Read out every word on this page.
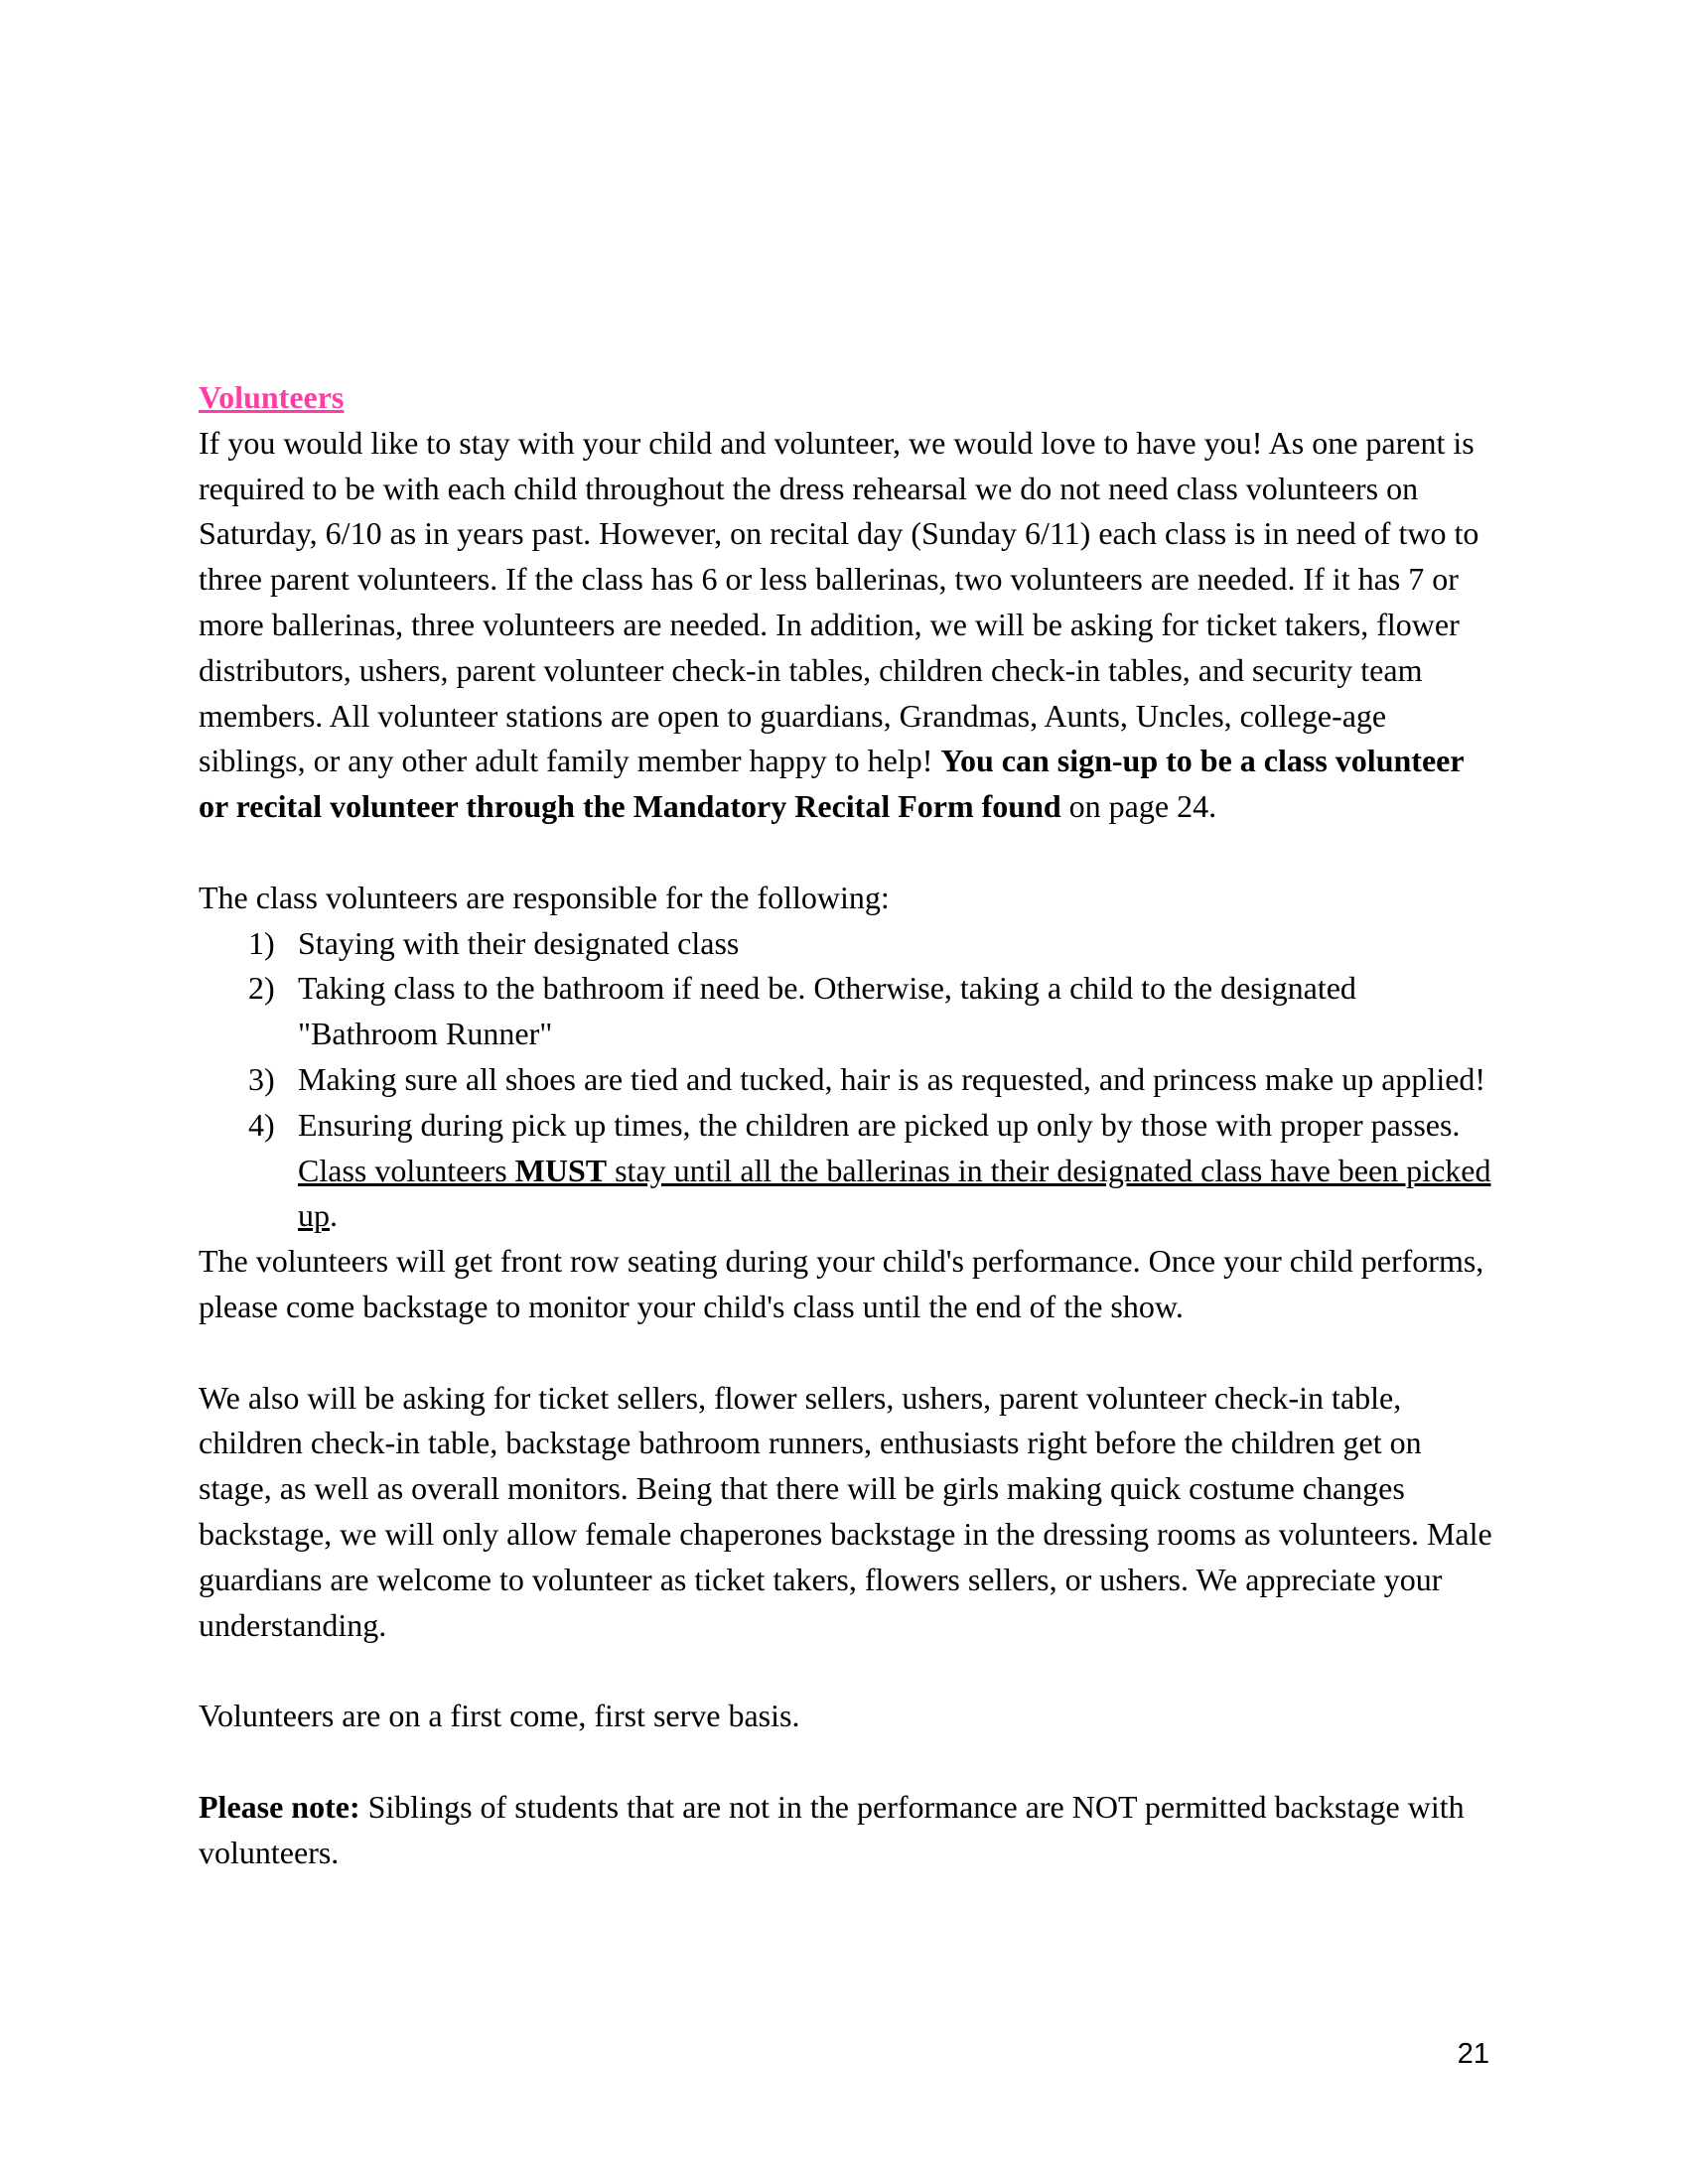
Volunteers

If you would like to stay with your child and volunteer, we would love to have you! As one parent is required to be with each child throughout the dress rehearsal we do not need class volunteers on Saturday, 6/10 as in years past. However, on recital day (Sunday 6/11) each class is in need of two to three parent volunteers. If the class has 6 or less ballerinas, two volunteers are needed. If it has 7 or more ballerinas, three volunteers are needed. In addition, we will be asking for ticket takers, flower distributors, ushers, parent volunteer check-in tables, children check-in tables, and security team members. All volunteer stations are open to guardians, Grandmas, Aunts, Uncles, college-age siblings, or any other adult family member happy to help! You can sign-up to be a class volunteer or recital volunteer through the Mandatory Recital Form found on page 24.

The class volunteers are responsible for the following:

1) Staying with their designated class
2) Taking class to the bathroom if need be. Otherwise, taking a child to the designated "Bathroom Runner"
3) Making sure all shoes are tied and tucked, hair is as requested, and princess make up applied!
4) Ensuring during pick up times, the children are picked up only by those with proper passes. Class volunteers MUST stay until all the ballerinas in their designated class have been picked up.

The volunteers will get front row seating during your child's performance. Once your child performs, please come backstage to monitor your child's class until the end of the show.

We also will be asking for ticket sellers, flower sellers, ushers, parent volunteer check-in table, children check-in table, backstage bathroom runners, enthusiasts right before the children get on stage, as well as overall monitors. Being that there will be girls making quick costume changes backstage, we will only allow female chaperones backstage in the dressing rooms as volunteers. Male guardians are welcome to volunteer as ticket takers, flowers sellers, or ushers. We appreciate your understanding.

Volunteers are on a first come, first serve basis.

Please note: Siblings of students that are not in the performance are NOT permitted backstage with volunteers.

21
